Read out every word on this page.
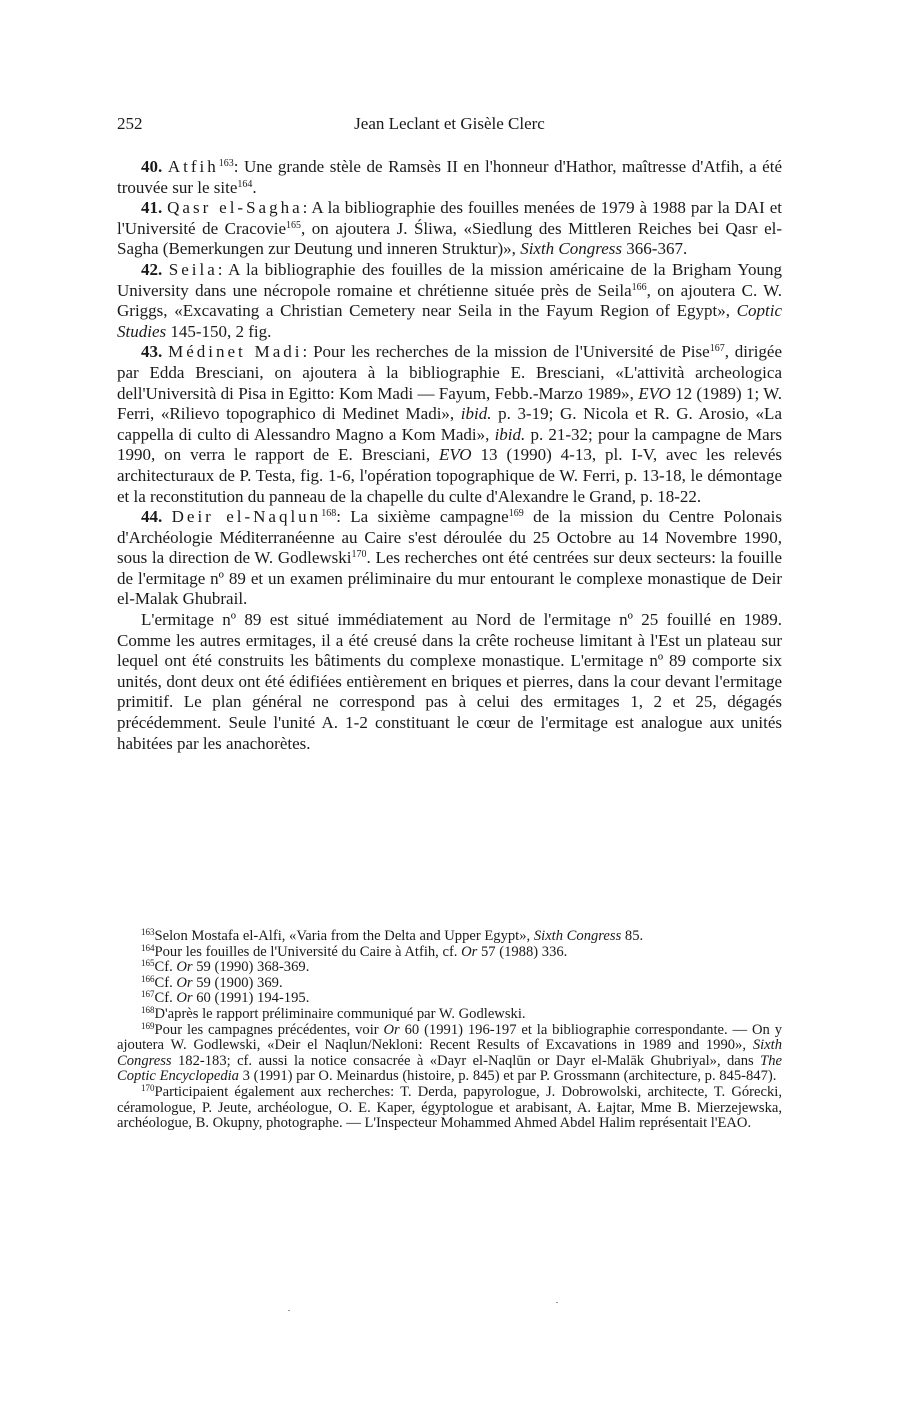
252	Jean Leclant et Gisèle Clerc

40. Atfih$^{163}$: Une grande stèle de Ramsès II en l'honneur d'Hathor, maîtresse d'Atfih, a été trouvée sur le site$^{164}$.

41. Qasr el-Sagha: A la bibliographie des fouilles menées de 1979 à 1988 par la DAI et l'Université de Cracovie$^{165}$, on ajoutera J. Śliwa, «Siedlung des Mittleren Reiches bei Qasr el-Sagha (Bemerkungen zur Deutung und inneren Struktur)», Sixth Congress 366-367.

42. Seila: A la bibliographie des fouilles de la mission américaine de la Brigham Young University dans une nécropole romaine et chrétienne située près de Seila$^{166}$, on ajoutera C. W. Griggs, «Excavating a Christian Cemetery near Seila in the Fayum Region of Egypt», Coptic Studies 145-150, 2 fig.

43. Médinet Madi: Pour les recherches de la mission de l'Université de Pise$^{167}$, dirigée par Edda Bresciani, on ajoutera à la bibliographie E. Bresciani, «L'attività archeologica dell'Università di Pisa in Egitto: Kom Madi — Fayum, Febb.-Marzo 1989», EVO 12 (1989) 1; W. Ferri, «Rilievo topographico di Medinet Madi», ibid. p. 3-19; G. Nicola et R. G. Arosio, «La cappella di culto di Alessandro Magno a Kom Madi», ibid. p. 21-32; pour la campagne de Mars 1990, on verra le rapport de E. Bresciani, EVO 13 (1990) 4-13, pl. I-V, avec les relevés architecturaux de P. Testa, fig. 1-6, l'opération topographique de W. Ferri, p. 13-18, le démontage et la reconstitution du panneau de la chapelle du culte d'Alexandre le Grand, p. 18-22.

44. Deir el-Naqlun$^{168}$: La sixième campagne$^{169}$ de la mission du Centre Polonais d'Archéologie Méditerranéenne au Caire s'est déroulée du 25 Octobre au 14 Novembre 1990, sous la direction de W. Godlewski$^{170}$. Les recherches ont été centrées sur deux secteurs: la fouille de l'ermitage nº 89 et un examen préliminaire du mur entourant le complexe monastique de Deir el-Malak Ghubrail.

L'ermitage nº 89 est situé immédiatement au Nord de l'ermitage nº 25 fouillé en 1989. Comme les autres ermitages, il a été creusé dans la crête rocheuse limitant à l'Est un plateau sur lequel ont été construits les bâtiments du complexe monastique. L'ermitage nº 89 comporte six unités, dont deux ont été édifiées entièrement en briques et pierres, dans la cour devant l'ermitage primitif. Le plan général ne correspond pas à celui des ermitages 1, 2 et 25, dégagés précédemment. Seule l'unité A. 1-2 constituant le cœur de l'ermitage est analogue aux unités habitées par les anachorètes.

$^{163}$Selon Mostafa el-Alfi, «Varia from the Delta and Upper Egypt», Sixth Congress 85.

$^{164}$Pour les fouilles de l'Université du Caire à Atfih, cf. Or 57 (1988) 336.

$^{165}$Cf. Or 59 (1990) 368-369.

$^{166}$Cf. Or 59 (1900) 369.

$^{167}$Cf. Or 60 (1991) 194-195.

$^{168}$D'après le rapport préliminaire communiqué par W. Godlewski.

$^{169}$Pour les campagnes précédentes, voir Or 60 (1991) 196-197 et la bibliographie correspondante. — On y ajoutera W. Godlewski, «Deir el Naqlun/Nekloni: Recent Results of Excavations in 1989 and 1990», Sixth Congress 182-183; cf. aussi la notice consacrée à «Dayr el-Naqlūn or Dayr el-Malāk Ghubriyal», dans The Coptic Encyclopedia 3 (1991) par O. Meinardus (histoire, p. 845) et par P. Grossmann (architecture, p. 845-847).

$^{170}$Participaient également aux recherches: T. Derda, papyrologue, J. Dobrowolski, architecte, T. Górecki, céramologue, P. Jeute, archéologue, O. E. Kaper, égyptologue et arabisant, A. Łajtar, Mme B. Mierzejewska, archéologue, B. Okupny, photographe. — L'Inspecteur Mohammed Ahmed Abdel Halim représentait l'EAO.
